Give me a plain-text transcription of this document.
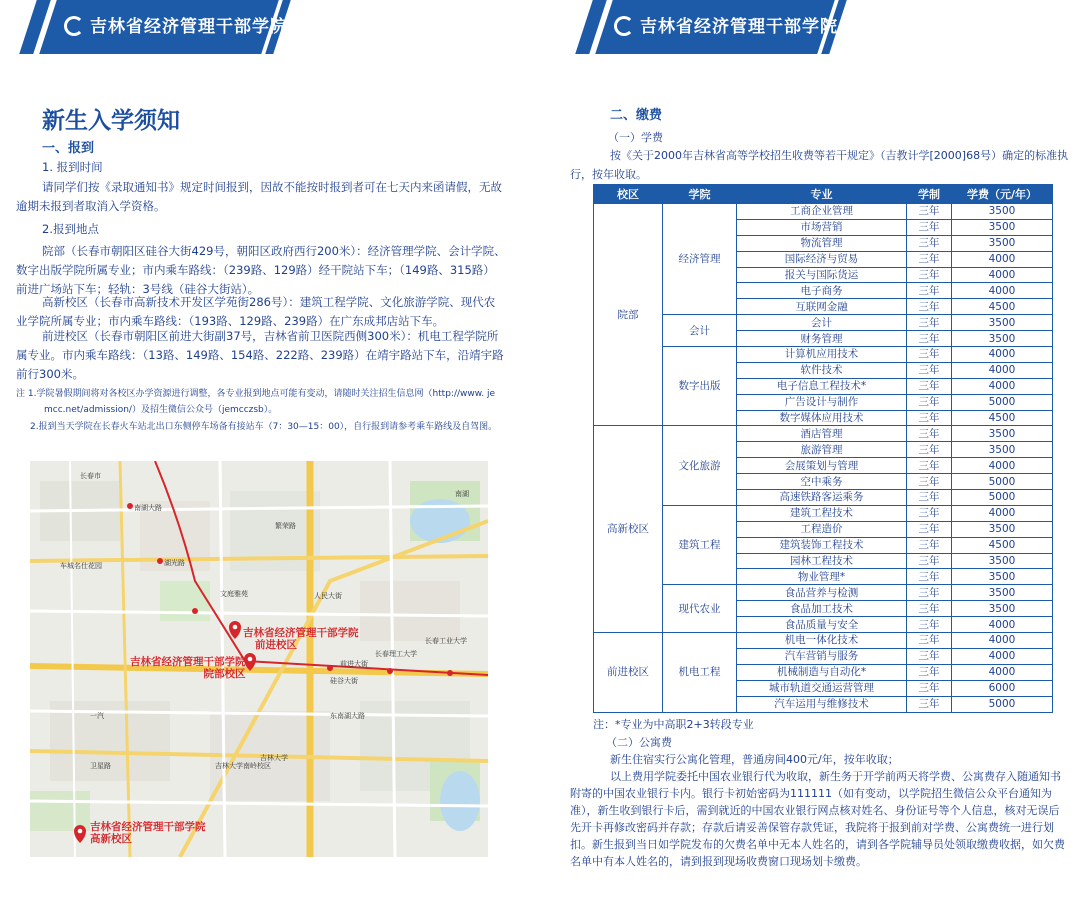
吉林省经济管理干部学院
新生入学须知
一、报到
1. 报到时间
请同学们按《录取通知书》规定时间报到，因故不能按时报到者可在七天内来函请假，无故逾期未报到者取消入学资格。
2.报到地点
院部（长春市朝阳区硅谷大街429号，朝阳区政府西行200米）：经济管理学院、会计学院、数字出版学院所属专业；市内乘车路线：（239路、129路）经干院站下车；（149路、315路）前进广场站下车；轻轨：3号线（硅谷大街站）。
高新校区（长春市高新技术开发区学苑街286号）：建筑工程学院、文化旅游学院、现代农业学院所属专业；市内乘车路线：（193路、129路、239路）在广东成邦店站下车。
前进校区（长春市朝阳区前进大街副37号，吉林省前卫医院西侧300米）：机电工程学院所属专业。市内乘车路线：（13路、149路、154路、222路、239路）在靖宇路站下车，沿靖宇路前行300米。
注 1.学院暑假期间将对各校区办学资源进行调整，各专业报到地点可能有变动，请随时关注招生信息网（http://www. je
mcc.net/admission/）及招生微信公众号（jemcczsb）。
2.报到当天学院在长春火车站北出口东侧停车场备有接站车（7：30—15：00），自行报到请参考乘车路线及自驾图。
南湖大路
湖光路
文庭雅苑
长春理工大学
吉林大学
前进大街
繁荣路
东南湖大路
长春工业大学
人民大街
南湖
卫星路	吉林大学南岭校区
一汽
车城名仕花园
长春市
硅谷大街
吉林省经济管理干部学院
前进校区
吉林省经济管理干部学院
院部校区
吉林省经济管理干部学院
高新校区
吉林省经济管理干部学院
二、缴费
（一）学费
按《关于2000年吉林省高等学校招生收费等若干规定》（吉教计学[2000]68号）确定的标准执行，按年收取。
校区	学院	专业	学制	学费（元/年）
院部	经济管理	工商企业管理	三年	3500
		市场营销	三年	3500
		物流管理	三年	3500
		国际经济与贸易	三年	4000
		报关与国际货运	三年	4000
		电子商务	三年	4000
		互联网金融	三年	4500
	会计	会计	三年	3500
		财务管理	三年	3500
	数字出版	计算机应用技术	三年	4000
		软件技术	三年	4000
		电子信息工程技术*	三年	4000
		广告设计与制作	三年	5000
		数字媒体应用技术	三年	4500
高新校区	文化旅游	酒店管理	三年	3500
		旅游管理	三年	3500
		会展策划与管理	三年	4000
		空中乘务	三年	5000
		高速铁路客运乘务	三年	5000
	建筑工程	建筑工程技术	三年	4000
		工程造价	三年	3500
		建筑装饰工程技术	三年	4500
		园林工程技术	三年	3500
		物业管理*	三年	3500
	现代农业	食品营养与检测	三年	3500
		食品加工技术	三年	3500
		食品质量与安全	三年	4000
前进校区	机电工程	机电一体化技术	三年	4000
		汽车营销与服务	三年	4000
		机械制造与自动化*	三年	4000
		城市轨道交通运营管理	三年	6000
		汽车运用与维修技术	三年	5000
注：*专业为中高职2+3转段专业
（二）公寓费
新生住宿实行公寓化管理，普通房间400元/年，按年收取；
以上费用学院委托中国农业银行代为收取，新生务于开学前两天将学费、公寓费存入随通知书附寄的中国农业银行卡内。银行卡初始密码为111111（如有变动，以学院招生微信公众平台通知为准），新生收到银行卡后，需到就近的中国农业银行网点核对姓名、身份证号等个人信息，核对无误后先开卡再修改密码并存款；存款后请妥善保管存款凭证，我院将于报到前对学费、公寓费统一进行划扣。新生报到当日如学院发布的欠费名单中无本人姓名的，请到各学院辅导员处领取缴费收据，如欠费名单中有本人姓名的，请到报到现场收费窗口现场划卡缴费。
